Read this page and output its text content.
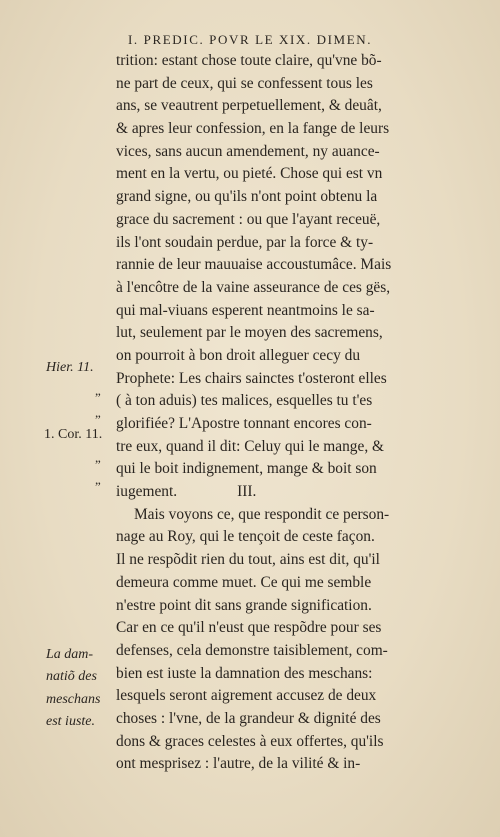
I. PREDIC. POVR LE XIX. DIMEN.
trition: estant chose toute claire, qu'vne bõ-
ne part de ceux, qui se confessent tous les
ans, se veautrent perpetuellement, & deuât,
& apres leur confession, en la fange de leurs
vices, sans aucun amendement, ny auance-
ment en la vertu, ou pieté. Chose qui est vn
grand signe, ou qu'ils n'ont point obtenu la
grace du sacrement : ou que l'ayant receuë,
ils l'ont soudain perdue, par la force & ty-
rannie de leur mauuaise accoustumâce. Mais
à l'encôtre de la vaine asseurance de ces gës,
qui mal-viuans esperent neantmoins le sa-
lut, seulement par le moyen des sacremens,
on pourroit à bon droit alleguer cecy du
Prophete: Les chairs sainctes t'osteront elles
( à ton aduis) tes malices, esquelles tu t'es
glorifiée? L'Apostre tonnant encores con-
tre eux, quand il dit: Celuy qui le mange, &
qui le boit indignement, mange & boit son
iugement.	III.
Mais voyons ce, que respondit ce person-
nage au Roy, qui le tençoit de ceste façon.
Il ne respõdit rien du tout, ains est dit, qu'il
demeura comme muet. Ce qui me semble
n'estre point dit sans grande signification.
Car en ce qu'il n'eust que respõdre pour ses
defenses, cela demonstre taisiblement, com-
bien est iuste la damnation des meschans:
lesquels seront aigrement accusez de deux
choses : l'vne, de la grandeur & dignité des
dons & graces celestes à eux offertes, qu'ils
ont mesprisez : l'autre, de la vilité & in-
Hier. 11.
1. Cor. 11.
„
„
„
„
La dam-
natiõ des
meschans
est iuste.
